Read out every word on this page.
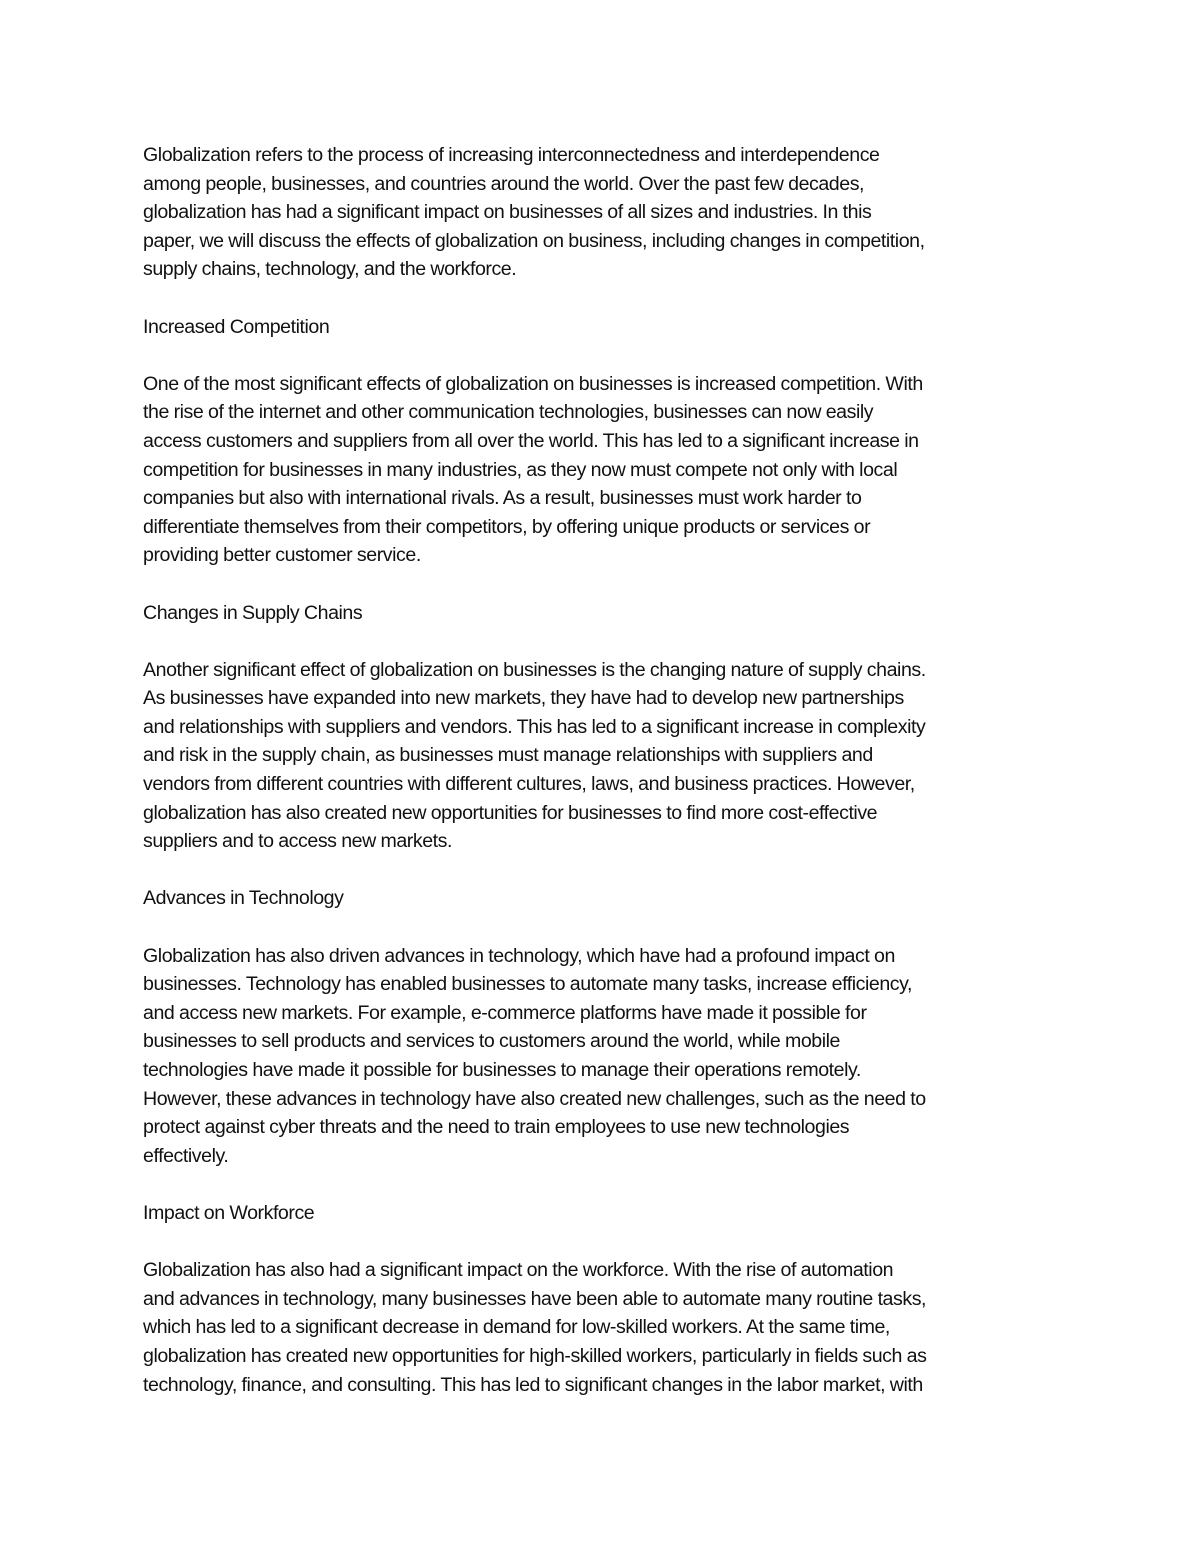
Globalization refers to the process of increasing interconnectedness and interdependence
among people, businesses, and countries around the world. Over the past few decades,
globalization has had a significant impact on businesses of all sizes and industries. In this
paper, we will discuss the effects of globalization on business, including changes in competition,
supply chains, technology, and the workforce.
Increased Competition
One of the most significant effects of globalization on businesses is increased competition. With
the rise of the internet and other communication technologies, businesses can now easily
access customers and suppliers from all over the world. This has led to a significant increase in
competition for businesses in many industries, as they now must compete not only with local
companies but also with international rivals. As a result, businesses must work harder to
differentiate themselves from their competitors, by offering unique products or services or
providing better customer service.
Changes in Supply Chains
Another significant effect of globalization on businesses is the changing nature of supply chains.
As businesses have expanded into new markets, they have had to develop new partnerships
and relationships with suppliers and vendors. This has led to a significant increase in complexity
and risk in the supply chain, as businesses must manage relationships with suppliers and
vendors from different countries with different cultures, laws, and business practices. However,
globalization has also created new opportunities for businesses to find more cost-effective
suppliers and to access new markets.
Advances in Technology
Globalization has also driven advances in technology, which have had a profound impact on
businesses. Technology has enabled businesses to automate many tasks, increase efficiency,
and access new markets. For example, e-commerce platforms have made it possible for
businesses to sell products and services to customers around the world, while mobile
technologies have made it possible for businesses to manage their operations remotely.
However, these advances in technology have also created new challenges, such as the need to
protect against cyber threats and the need to train employees to use new technologies
effectively.
Impact on Workforce
Globalization has also had a significant impact on the workforce. With the rise of automation
and advances in technology, many businesses have been able to automate many routine tasks,
which has led to a significant decrease in demand for low-skilled workers. At the same time,
globalization has created new opportunities for high-skilled workers, particularly in fields such as
technology, finance, and consulting. This has led to significant changes in the labor market, with
